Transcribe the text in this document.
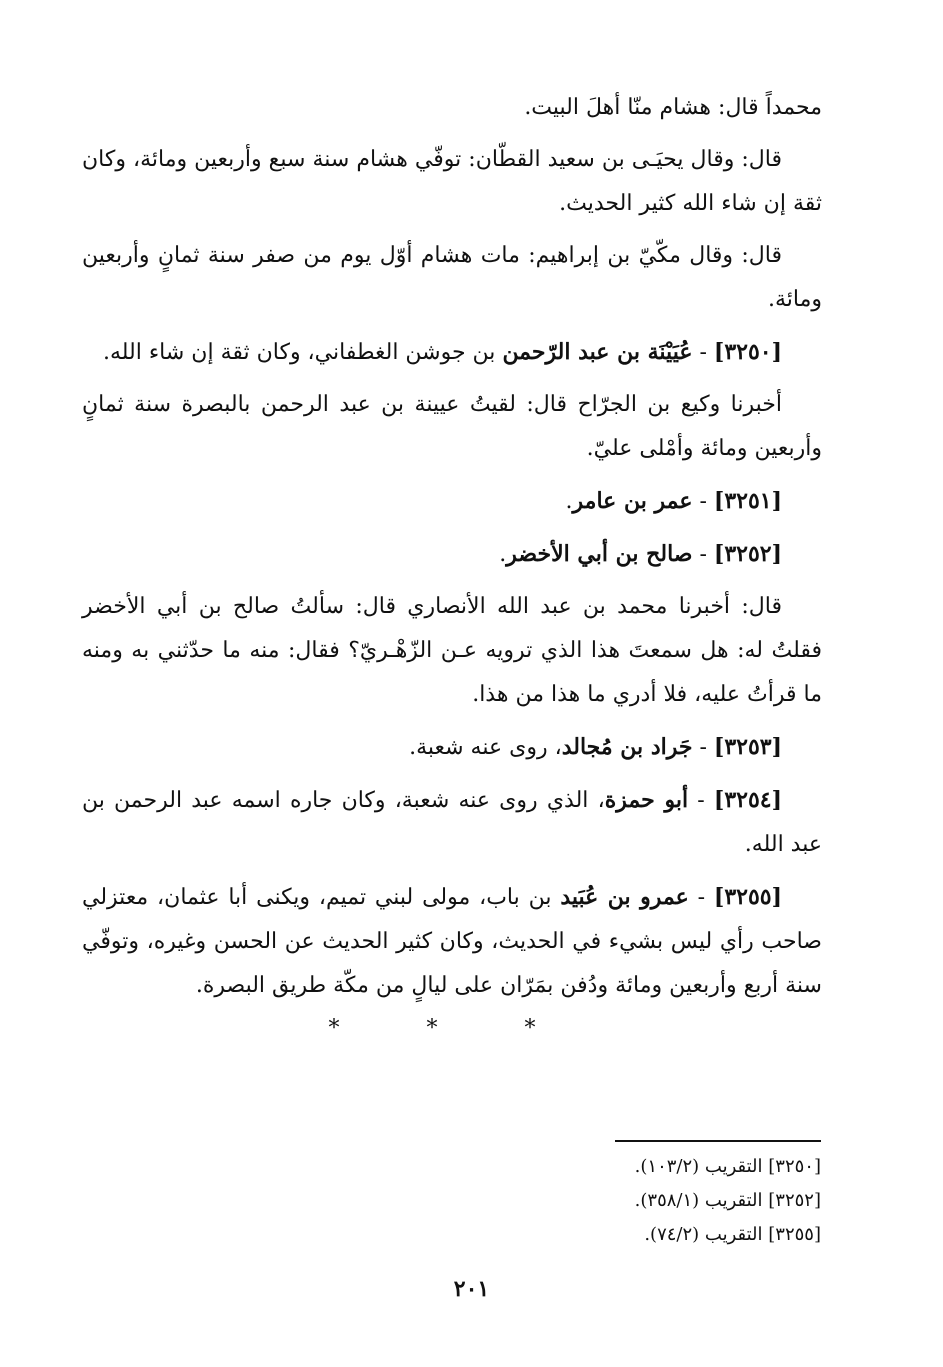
محمداً قال: هشام منّا أهلَ البيت.

قال: وقال يحيَـى بن سعيد القطّان: توفّي هشام سنة سبع وأربعين ومائة، وكان ثقة إن شاء الله كثير الحديث.

قال: وقال مكّيّ بن إبراهيم: مات هشام أوّل يوم من صفر سنة ثمانٍ وأربعين ومائة.

[٣٢٥٠] - عُيَيْنَة بن عبد الرّحمن بن جوشن الغطفاني، وكان ثقة إن شاء الله.

أخبرنا وكيع بن الجرّاح قال: لقيتُ عيينة بن عبد الرحمن بالبصرة سنة ثمانٍ وأربعين ومائة وأمْلى عليّ.

[٣٢٥١] - عمر بن عامر.

[٣٢٥٢] - صالح بن أبي الأخضر.

قال: أخبرنا محمد بن عبد الله الأنصاري قال: سألتُ صالح بن أبي الأخضر فقلتُ له: هل سمعتَ هذا الذي ترويه عـن الزّهْـريّ؟ فقال: منه ما حدّثني به ومنه ما قرأتُ عليه، فلا أدري ما هذا من هذا.

[٣٢٥٣] - جَراد بن مُجالد، روى عنه شعبة.

[٣٢٥٤] - أبو حمزة، الذي روى عنه شعبة، وكان جاره اسمه عبد الرحمن بن عبد الله.

[٣٢٥٥] - عمرو بن عُبَيد بن باب، مولى لبني تميم، ويكنى أبا عثمان، معتزلي صاحب رأي ليس بشيء في الحديث، وكان كثير الحديث عن الحسن وغيره، وتوفّي سنة أربع وأربعين ومائة ودُفن بمَرّان على ليالٍ من مكّة طريق البصرة.

* * *

[٣٢٥٠] التقريب (١٠٣/٢).

[٣٢٥٢] التقريب (٣٥٨/١).

[٣٢٥٥] التقريب (٧٤/٢).

٢٠١
